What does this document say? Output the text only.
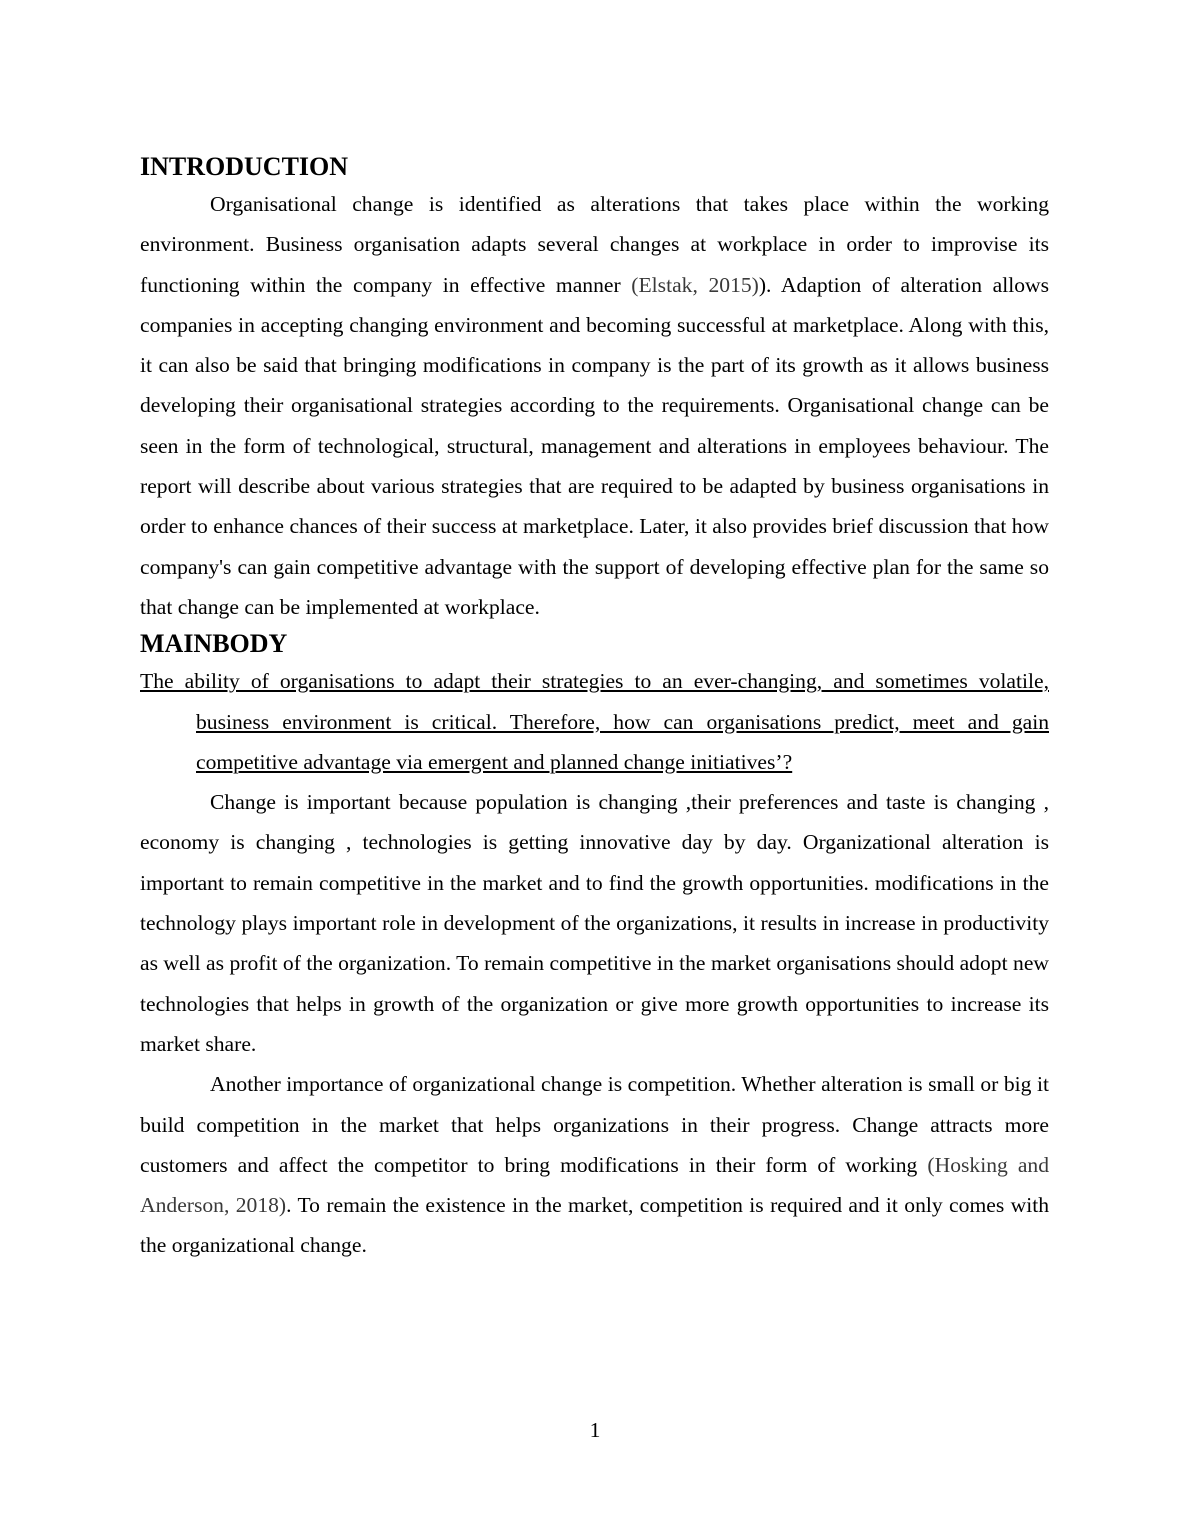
INTRODUCTION

Organisational change is identified as alterations that takes place within the working environment. Business organisation adapts several changes at workplace in order to improvise its functioning within the company in effective manner (Elstak, 2015)). Adaption of alteration allows companies in accepting changing environment and becoming successful at marketplace. Along with this, it can also be said that bringing modifications in company is the part of its growth as it allows business developing their organisational strategies according to the requirements. Organisational change can be seen in the form of technological, structural, management and alterations in employees behaviour. The report will describe about various strategies that are required to be adapted by business organisations in order to enhance chances of their success at marketplace. Later, it also provides brief discussion that how company's can gain competitive advantage with the support of developing effective plan for the same so that change can be implemented at workplace.

MAINBODY

The ability of organisations to adapt their strategies to an ever-changing, and sometimes volatile, business environment is critical. Therefore, how can organisations predict, meet and gain competitive advantage via emergent and planned change initiatives’?

Change is important because population is changing ,their preferences and taste is changing , economy is changing , technologies is getting innovative day by day. Organizational alteration is important to remain competitive in the market and to find the growth opportunities. modifications in the technology plays important role in development of the organizations, it results in increase in productivity as well as profit of the organization. To remain competitive in the market organisations should adopt new technologies that helps in growth of the organization or give more growth opportunities to increase its market share.

Another importance of organizational change is competition. Whether alteration is small or big it build competition in the market that helps organizations in their progress. Change attracts more customers and affect the competitor to bring modifications in their form of working (Hosking and Anderson, 2018). To remain the existence in the market, competition is required and it only comes with the organizational change.

1
